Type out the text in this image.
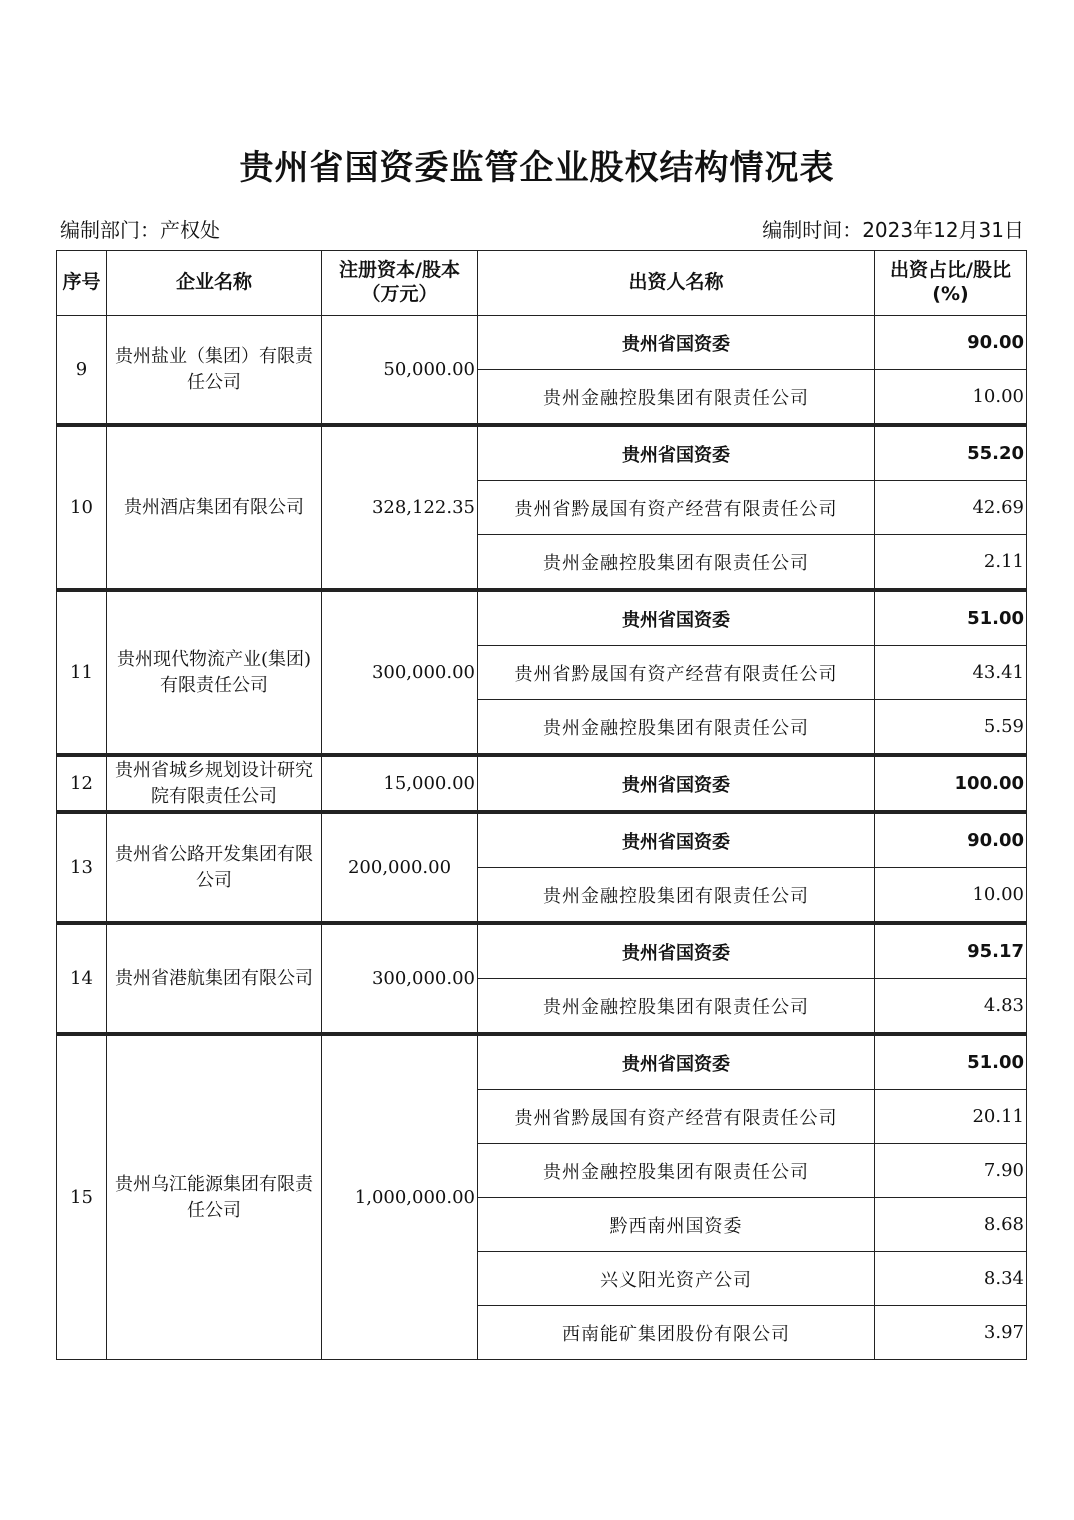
贵州省国资委监管企业股权结构情况表
编制部门：产权处	编制时间：2023年12月31日
序号	企业名称	注册资本/股本（万元）	出资人名称	出资占比/股比(%)
9	贵州盐业（集团）有限责任公司	50,000.00	贵州省国资委	90.00
			贵州金融控股集团有限责任公司	10.00
10	贵州酒店集团有限公司	328,122.35	贵州省国资委	55.20
			贵州省黔晟国有资产经营有限责任公司	42.69
			贵州金融控股集团有限责任公司	2.11
11	贵州现代物流产业(集团)有限责任公司	300,000.00	贵州省国资委	51.00
			贵州省黔晟国有资产经营有限责任公司	43.41
			贵州金融控股集团有限责任公司	5.59
12	贵州省城乡规划设计研究院有限责任公司	15,000.00	贵州省国资委	100.00
13	贵州省公路开发集团有限公司	200,000.00	贵州省国资委	90.00
			贵州金融控股集团有限责任公司	10.00
14	贵州省港航集团有限公司	300,000.00	贵州省国资委	95.17
			贵州金融控股集团有限责任公司	4.83
15	贵州乌江能源集团有限责任公司	1,000,000.00	贵州省国资委	51.00
			贵州省黔晟国有资产经营有限责任公司	20.11
			贵州金融控股集团有限责任公司	7.90
			黔西南州国资委	8.68
			兴义阳光资产公司	8.34
			西南能矿集团股份有限公司	3.97
